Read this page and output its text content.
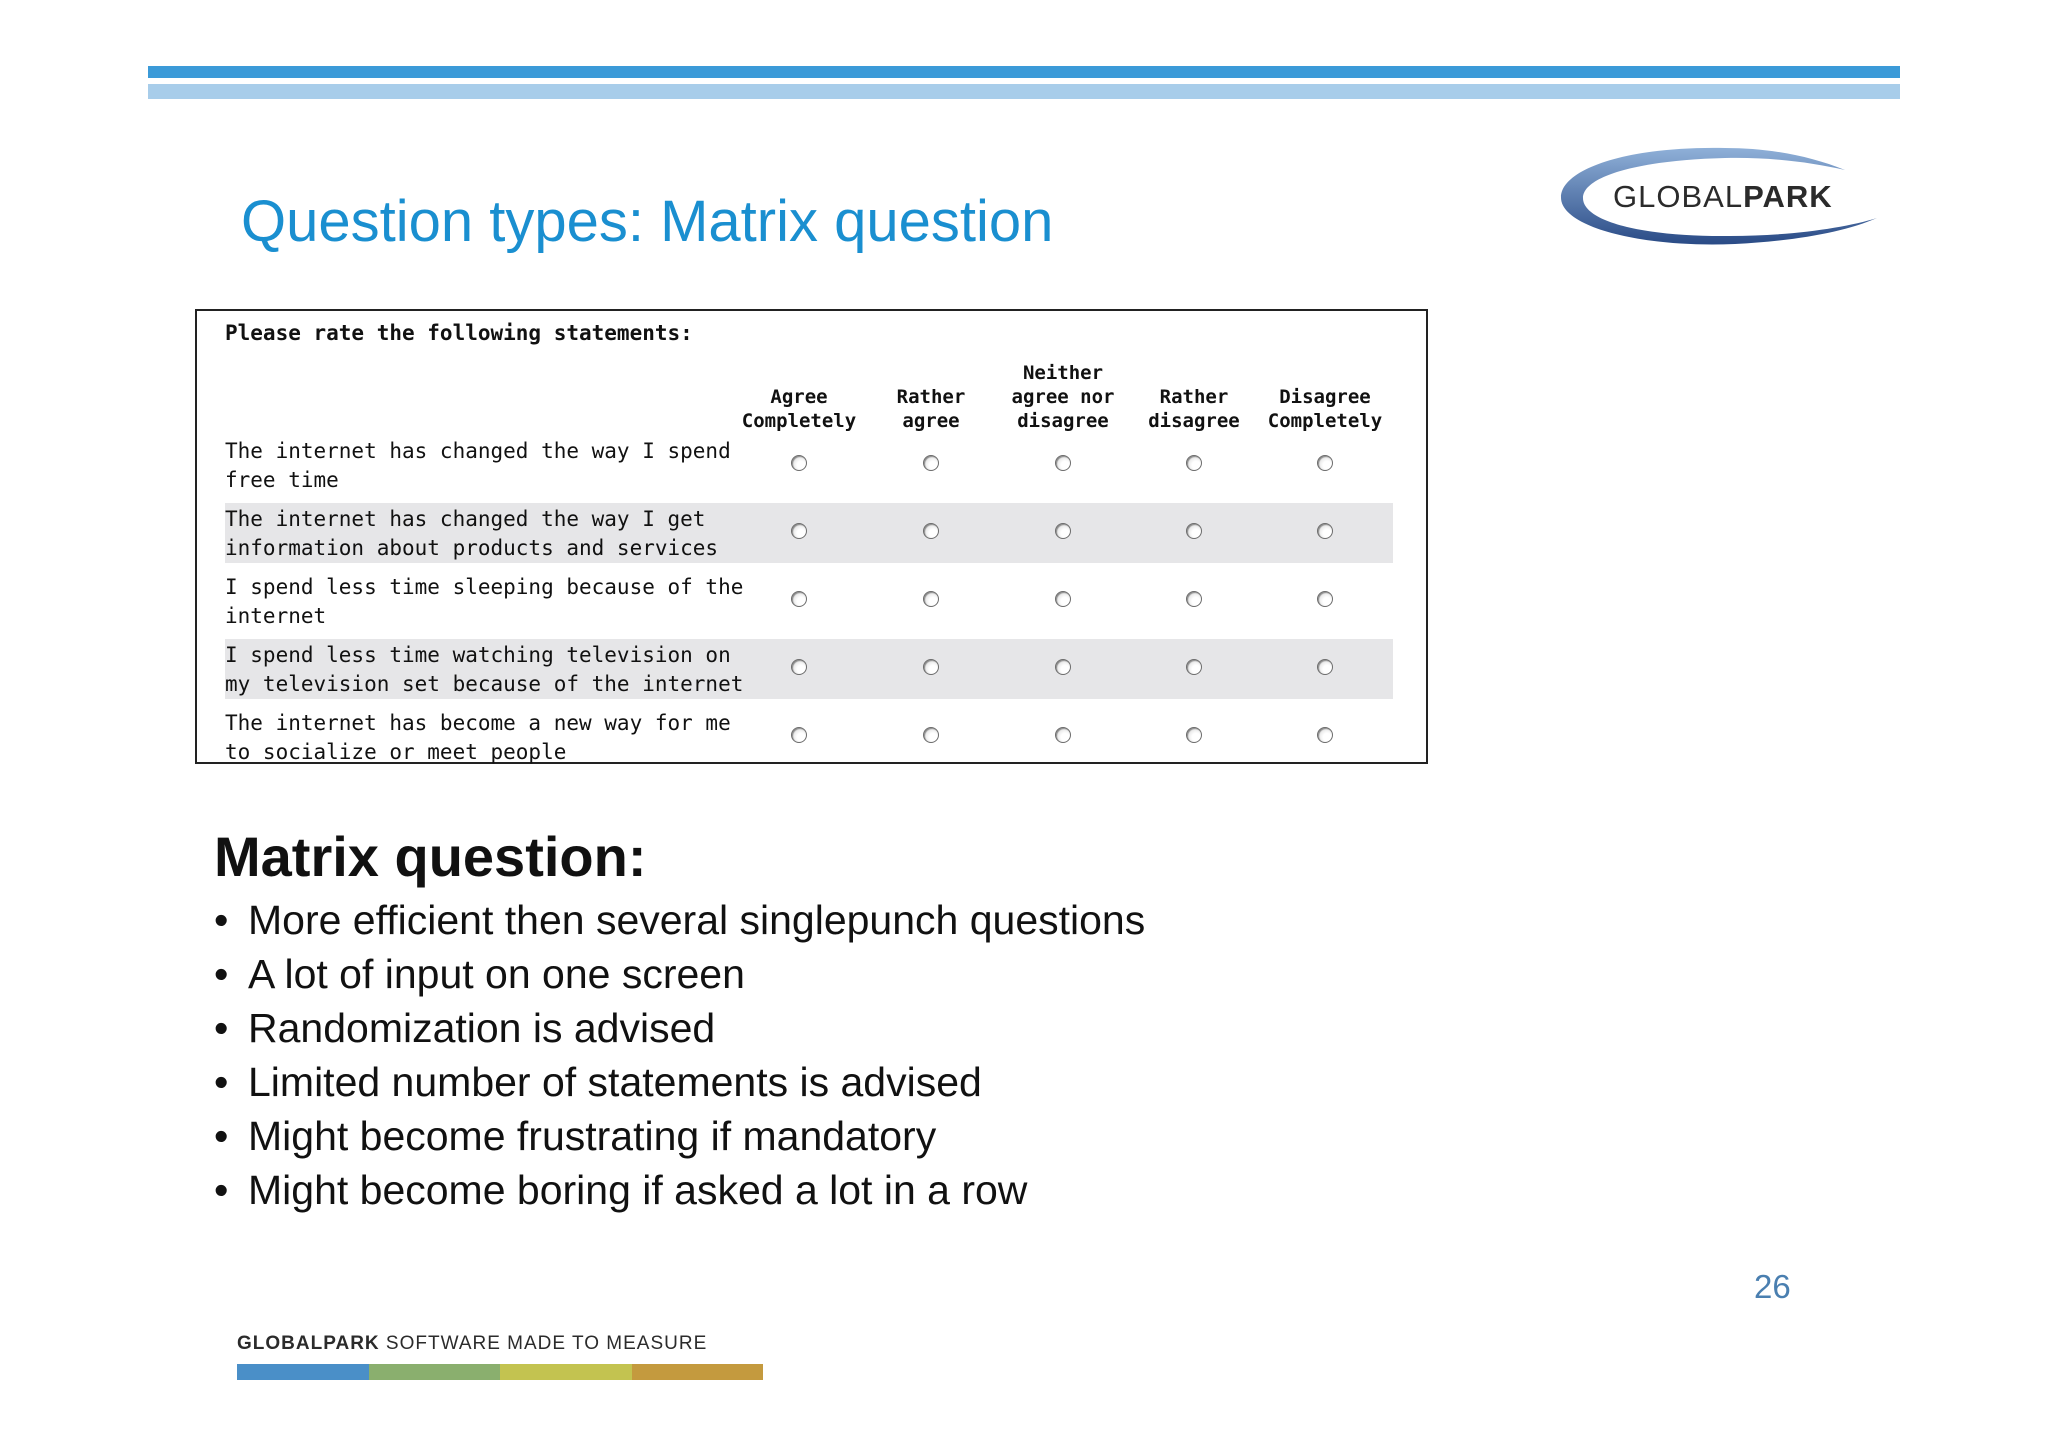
Question types: Matrix question	GLOBALPARK
Please rate the following statements:
Agree
Completely
Rather
agree
Neither
agree nor
disagree
Rather
disagree
Disagree
Completely
The internet has changed the way I spend free time
The internet has changed the way I get information about products and services
I spend less time sleeping because of the internet
I spend less time watching television on my television set because of the internet
The internet has become a new way for me to socialize or meet people
Matrix question:
• More efficient then several singlepunch questions
• A lot of input on one screen
• Randomization is advised
• Limited number of statements is advised
• Might become frustrating if mandatory
• Might become boring if asked a lot in a row
26
GLOBALPARK SOFTWARE MADE TO MEASURE
